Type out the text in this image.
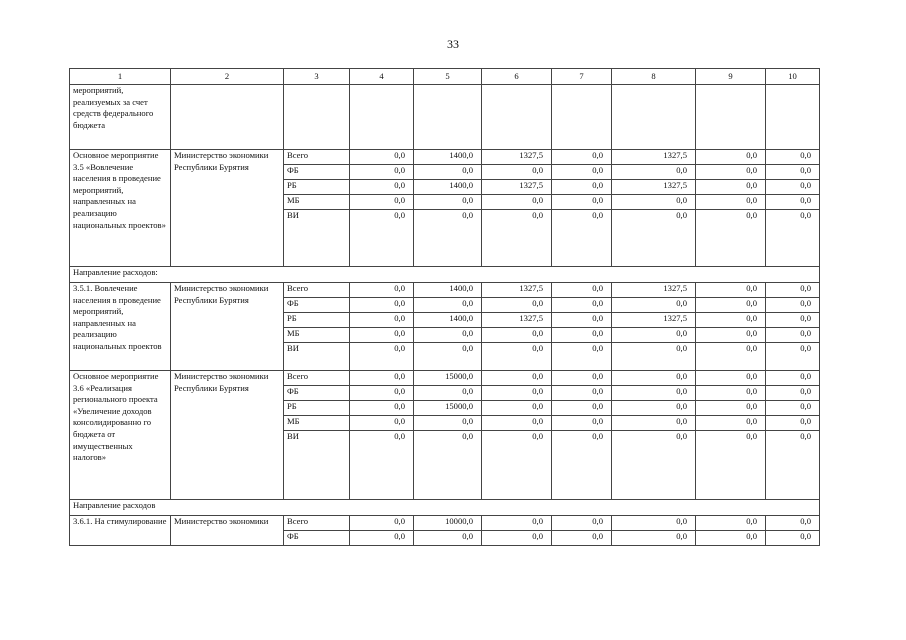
33
1	2	3	4	5	6	7	8	9	10
мероприятий, реализуемых за счет средств федерального бюджета									
Основное мероприятие 3.5 «Вовлечение населения в проведение мероприятий, направленных на реализацию национальных проектов»	Министерство экономики Республики Бурятия	Всего	0,0	1400,0	1327,5	0,0	1327,5	0,0	0,0
		ФБ	0,0	0,0	0,0	0,0	0,0	0,0	0,0
		РБ	0,0	1400,0	1327,5	0,0	1327,5	0,0	0,0
		МБ	0,0	0,0	0,0	0,0	0,0	0,0	0,0
		ВИ	0,0	0,0	0,0	0,0	0,0	0,0	0,0
Направление расходов:									
3.5.1. Вовлечение населения в проведение мероприятий, направленных на реализацию национальных проектов	Министерство экономики Республики Бурятия	Всего	0,0	1400,0	1327,5	0,0	1327,5	0,0	0,0
		ФБ	0,0	0,0	0,0	0,0	0,0	0,0	0,0
		РБ	0,0	1400,0	1327,5	0,0	1327,5	0,0	0,0
		МБ	0,0	0,0	0,0	0,0	0,0	0,0	0,0
		ВИ	0,0	0,0	0,0	0,0	0,0	0,0	0,0
Основное мероприятие 3.6 «Реализация регионального проекта «Увеличение доходов консолидированно го бюджета от имущественных налогов»	Министерство экономики Республики Бурятия	Всего	0,0	15000,0	0,0	0,0	0,0	0,0	0,0
		ФБ	0,0	0,0	0,0	0,0	0,0	0,0	0,0
		РБ	0,0	15000,0	0,0	0,0	0,0	0,0	0,0
		МБ	0,0	0,0	0,0	0,0	0,0	0,0	0,0
		ВИ	0,0	0,0	0,0	0,0	0,0	0,0	0,0
Направление расходов									
3.6.1. На стимулирование	Министерство экономики	Всего	0,0	10000,0	0,0	0,0	0,0	0,0	0,0
		ФБ	0,0	0,0	0,0	0,0	0,0	0,0	0,0
